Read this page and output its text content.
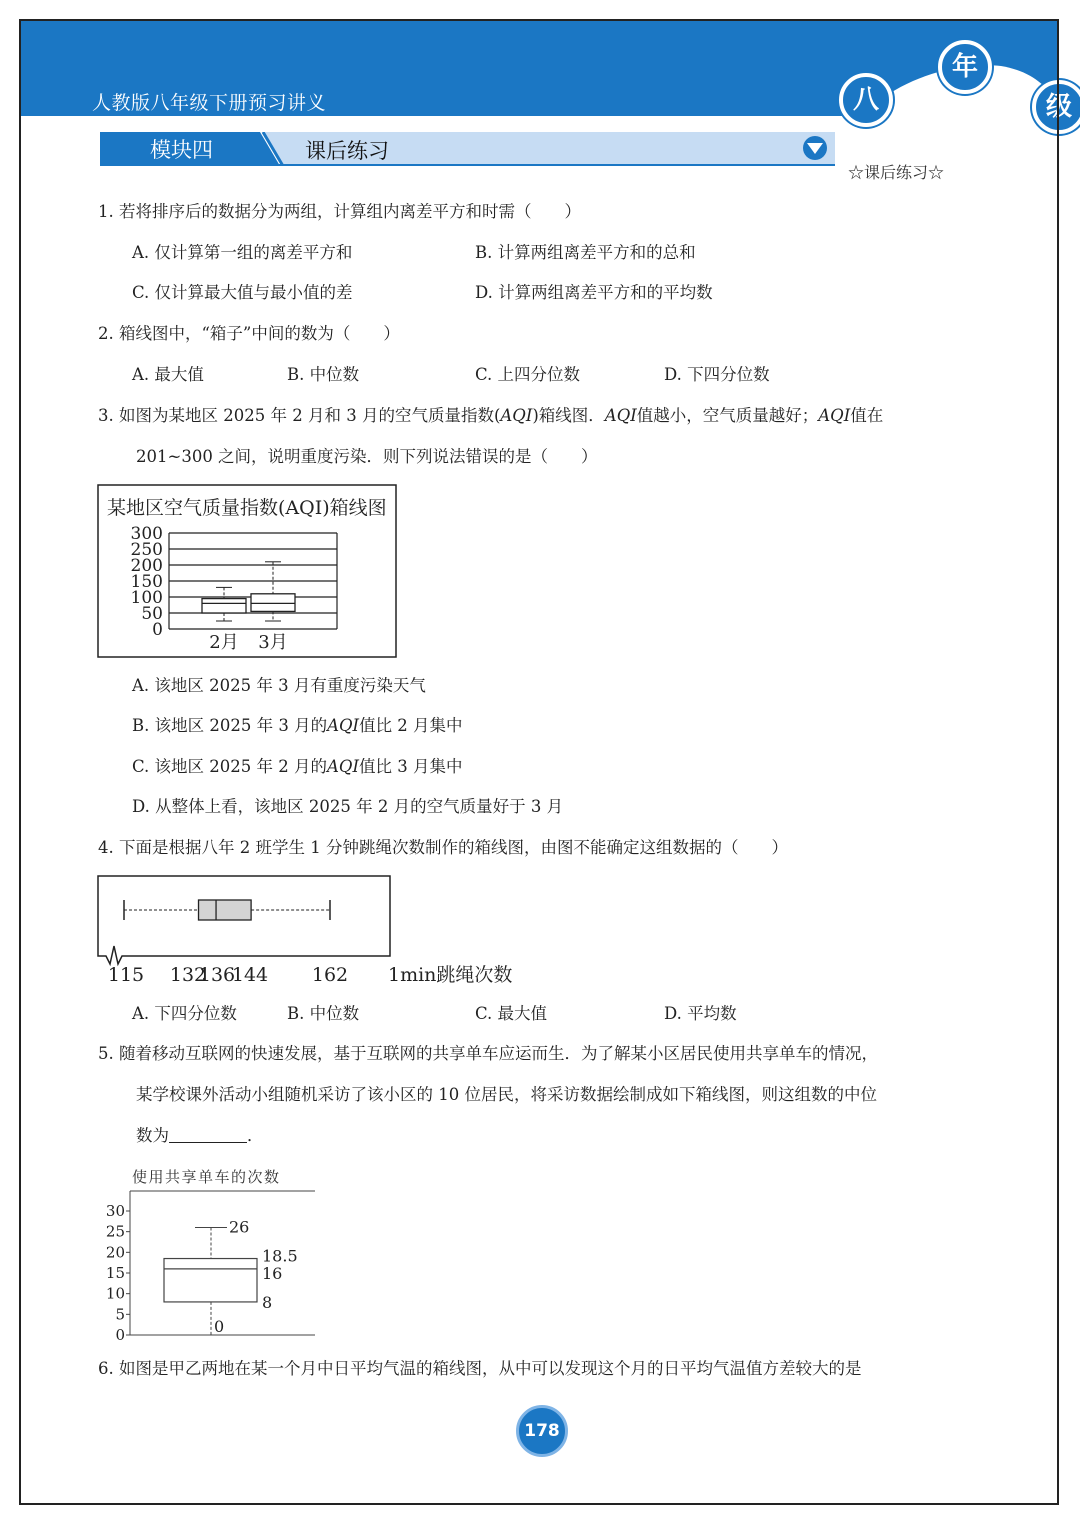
人教版八年级下册预习讲义	八
年
级
模块四	课后练习
☆课后练习☆
1. 若将排序后的数据分为两组，计算组内离差平方和时需（　　）
A. 仅计算第一组的离差平方和	B. 计算两组离差平方和的总和
C. 仅计算最大值与最小值的差	D. 计算两组离差平方和的平均数
2. 箱线图中，“箱子”中间的数为（　　）
A. 最大值	B. 中位数	C. 上四分位数	D. 下四分位数
3. 如图为某地区 2025 年 2 月和 3 月的空气质量指数(AQI)箱线图．AQI值越小，空气质量越好；AQI值在
201~300 之间，说明重度污染．则下列说法错误的是（　　）
某地区空气质量指数(AQI)箱线图
300
250
200
150
100
50
0
2月 3月
A. 该地区 2025 年 3 月有重度污染天气
B. 该地区 2025 年 3 月的AQI值比 2 月集中
C. 该地区 2025 年 2 月的AQI值比 3 月集中
D. 从整体上看，该地区 2025 年 2 月的空气质量好于 3 月
4. 下面是根据八年 2 班学生 1 分钟跳绳次数制作的箱线图，由图不能确定这组数据的（　　）
115 132
136
144 162 1min跳绳次数
A. 下四分位数	B. 中位数	C. 最大值	D. 平均数
5. 随着移动互联网的快速发展，基于互联网的共享单车应运而生．为了解某小区居民使用共享单车的情况，
某学校课外活动小组随机采访了该小区的 10 位居民，将采访数据绘制成如下箱线图，则这组数的中位
数为	．
使用共享单车的次数
30
25
20
15
10
5
0
26
18.5
16
8
0
6. 如图是甲乙两地在某一个月中日平均气温的箱线图，从中可以发现这个月的日平均气温值方差较大的是
178
